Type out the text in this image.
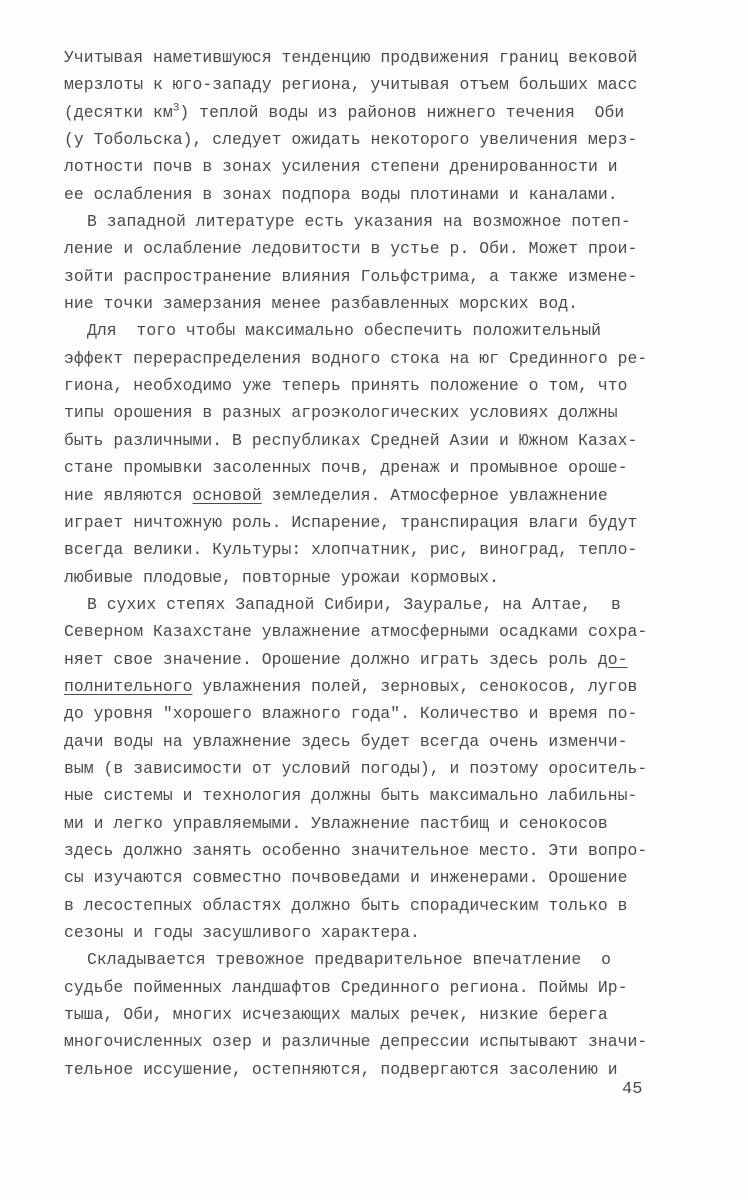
Учитывая наметившуюся тенденцию продвижения границ вековой
мерзлоты к юго-западу региона, учитывая отъем больших масс
(десятки $км^3$) теплой воды из районов нижнего течения  Оби
(у Тобольска), следует ожидать некоторого увеличения мерз-
лотности почв в зонах усиления степени дренированности и
ее ослабления в зонах подпора воды плотинами и каналами.
В западной литературе есть указания на возможное потеп-
ление и ослабление ледовитости в устье р. Оби. Может прои-
зойти распространение влияния Гольфстрима, а также измене-
ние точки замерзания менее разбавленных морских вод.
Для  того чтобы максимально обеспечить положительный
эффект перераспределения водного стока на юг Срединного ре-
гиона, необходимо уже теперь принять положение о том, что
типы орошения в разных агроэкологических условиях должны
быть различными. В республиках Средней Азии и Южном Казах-
стане промывки засоленных почв, дренаж и промывное ороше-
ние являются основой земледелия. Атмосферное увлажнение
играет ничтожную роль. Испарение, транспирация влаги будут
всегда велики. Культуры: хлопчатник, рис, виноград, тепло-
любивые плодовые, повторные урожаи кормовых.
В сухих степях Западной Сибири, Зауралье, на Алтае,  в
Северном Казахстане увлажнение атмосферными осадками сохра-
няет свое значение. Орошение должно играть здесь роль до-
полнительного увлажнения полей, зерновых, сенокосов, лугов
до уровня "хорошего влажного года". Количество и время по-
дачи воды на увлажнение здесь будет всегда очень изменчи-
вым (в зависимости от условий погоды), и поэтому ороситель-
ные системы и технология должны быть максимально лабильны-
ми и легко управляемыми. Увлажнение пастбищ и сенокосов
здесь должно занять особенно значительное место. Эти вопро-
сы изучаются совместно почвоведами и инженерами. Орошение
в лесостепных областях должно быть спорадическим только в
сезоны и годы засушливого характера.
Складывается тревожное предварительное впечатление  о
судьбе пойменных ландшафтов Срединного региона. Поймы Ир-
тыша, Оби, многих исчезающих малых речек, низкие берега
многочисленных озер и различные депрессии испытывают значи-
тельное иссушение, остепняются, подвергаются засолению и
45
